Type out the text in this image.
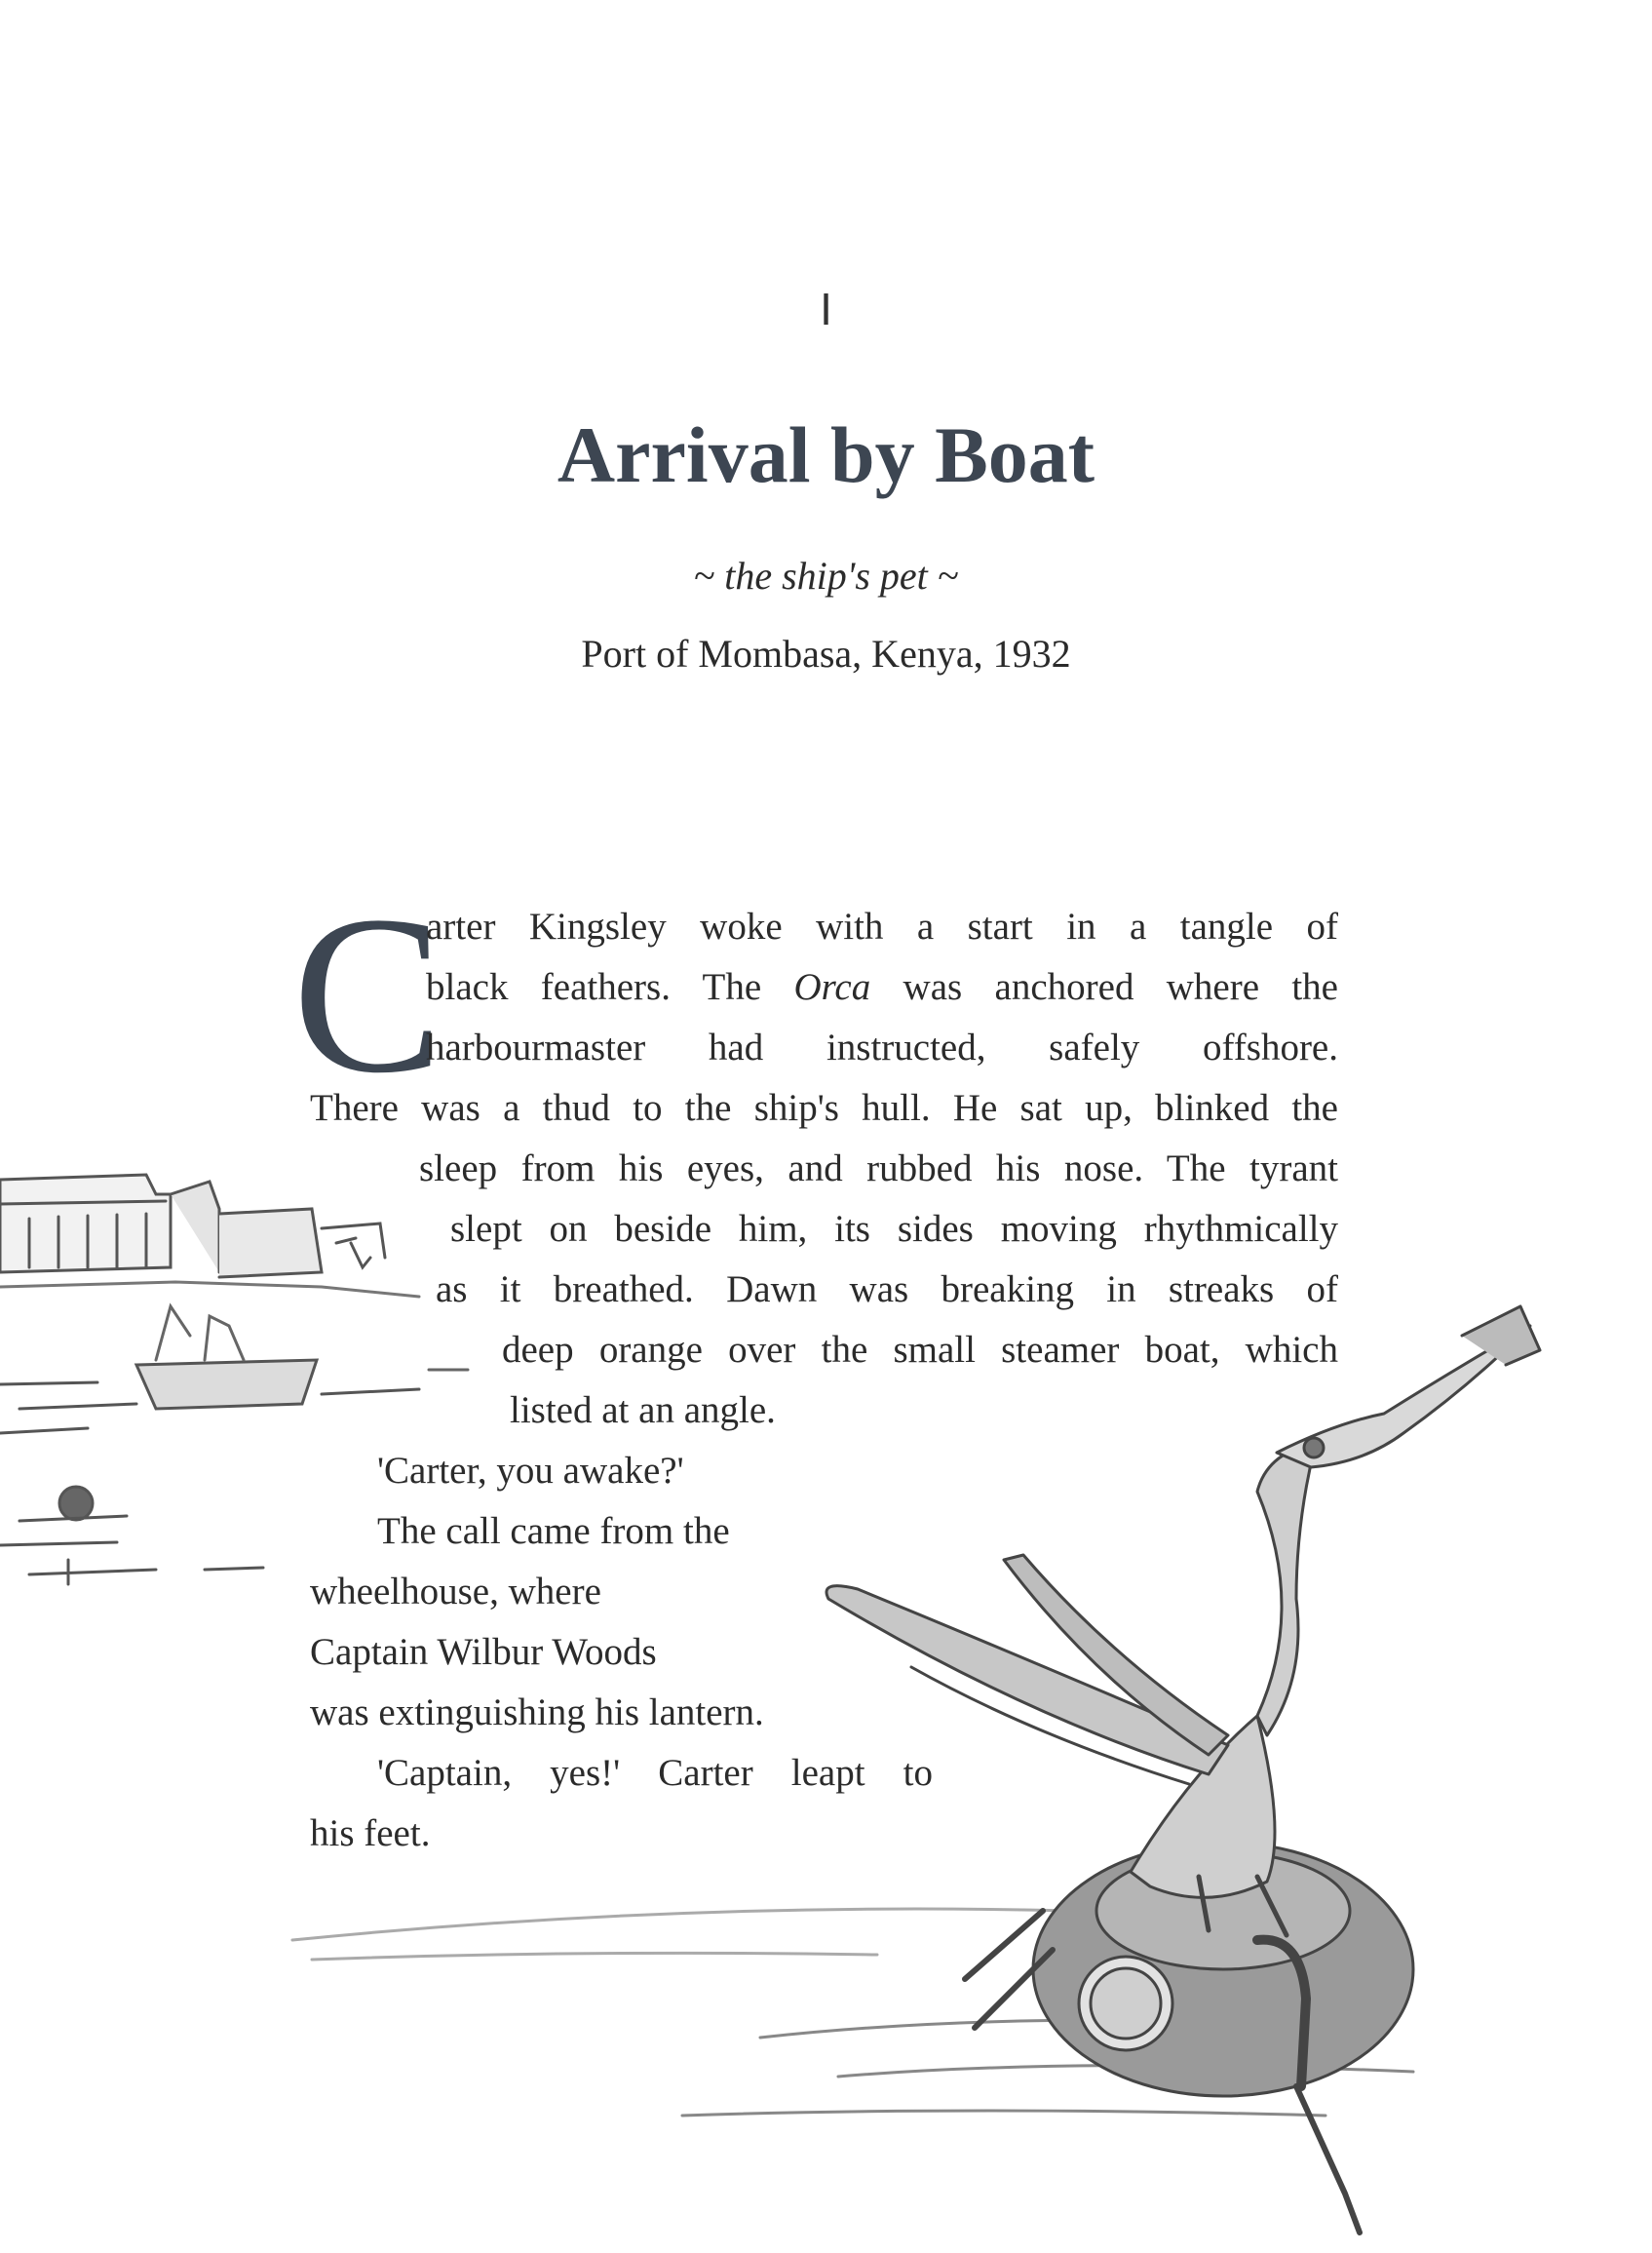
I
Arrival by Boat
~ the ship's pet ~
Port of Mombasa, Kenya, 1932
C
arter Kingsley woke with a start in a tangle of
black feathers. The Orca was anchored where the
harbourmaster had instructed, safely offshore.
There was a thud to the ship's hull. He sat up, blinked the
sleep from his eyes, and rubbed his nose. The tyrant
slept on beside him, its sides moving rhythmically
as it breathed. Dawn was breaking in streaks of
deep orange over the small steamer boat, which
listed at an angle.
'Carter, you awake?'
The call came from the
wheelhouse, where
Captain Wilbur Woods
was extinguishing his lantern.
'Captain, yes!' Carter leapt to
his feet.
